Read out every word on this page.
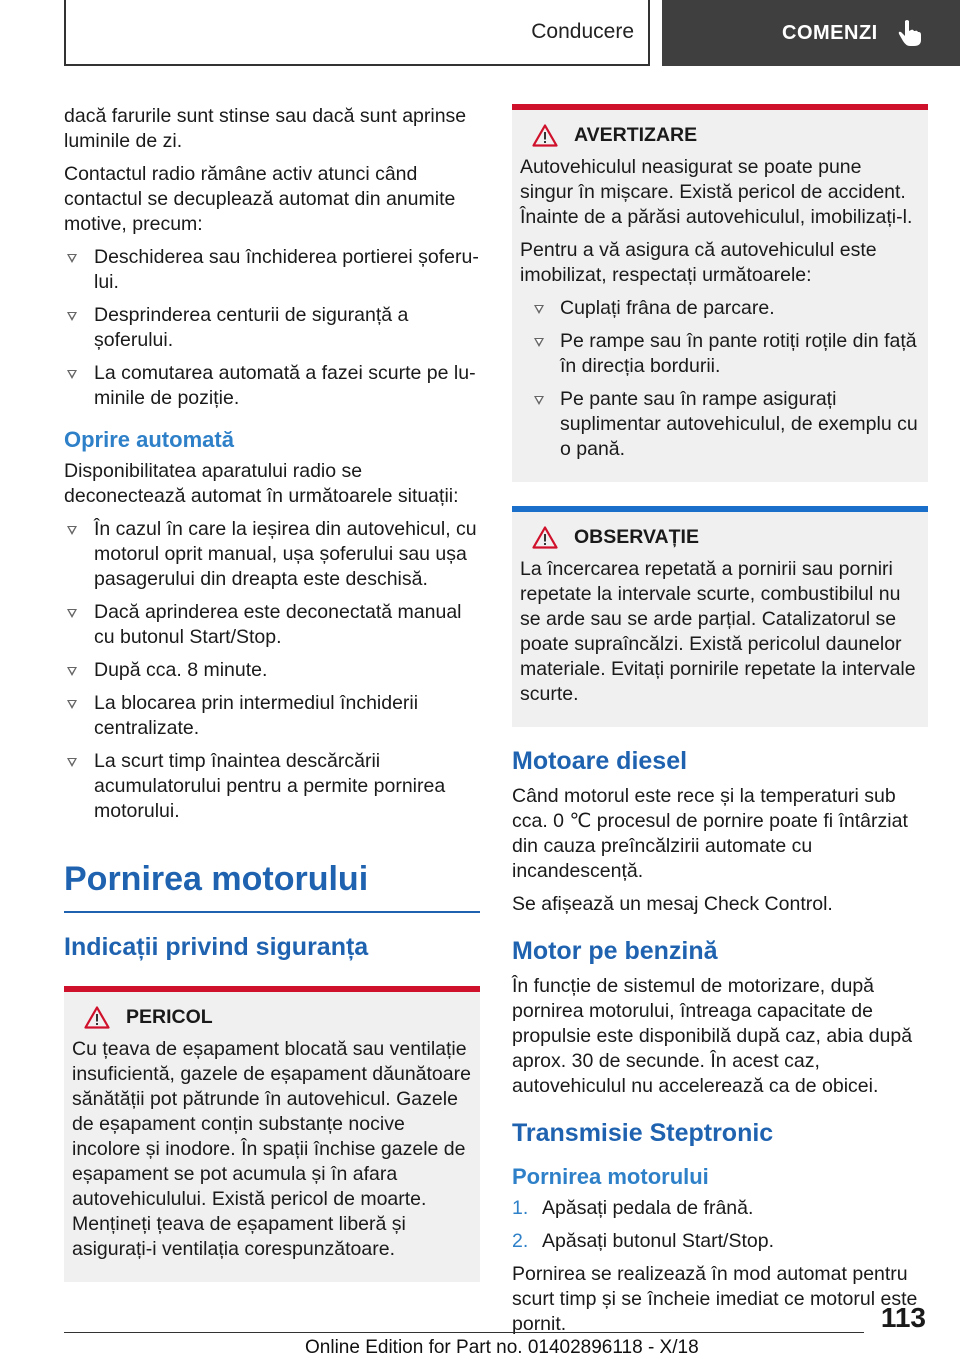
Conducere	COMENZI

dacă farurile sunt stinse sau dacă sunt aprinse luminile de zi.

Contactul radio rămâne activ atunci când contactul se decuplează automat din anumite motive, precum:

Deschiderea sau închiderea portierei șoferului.
Desprinderea centurii de siguranță a șoferului.
La comutarea automată a fazei scurte pe luminile de poziție.
Oprire automată

Disponibilitatea aparatului radio se deconectează automat în următoarele situații:

În cazul în care la ieșirea din autovehicul, cu motorul oprit manual, ușa șoferului sau ușa pasagerului din dreapta este deschisă.
Dacă aprinderea este deconectată manual cu butonul Start/Stop.
După cca. 8 minute.
La blocarea prin intermediul închiderii centralizate.
La scurt timp înaintea descărcării acumulatorului pentru a permite pornirea motorului.
Pornirea motorului
Indicații privind siguranța
PERICOL

Cu țeava de eșapament blocată sau ventilație insuficientă, gazele de eșapament dăunătoare sănătății pot pătrunde în autovehicul. Gazele de eșapament conțin substanțe nocive incolore și inodore. În spații închise gazele de eșapament se pot acumula și în afara autovehiculului. Există pericol de moarte. Mențineți țeava de eșapament liberă și asigurați-i ventilația corespunzătoare.

AVERTIZARE

Autovehiculul neasigurat se poate pune singur în mișcare. Există pericol de accident. Înainte de a părăsi autovehiculul, imobilizați-l.

Pentru a vă asigura că autovehiculul este imobilizat, respectați următoarele:

Cuplați frâna de parcare.
Pe rampe sau în pante rotiți roțile din față în direcția bordurii.
Pe pante sau în rampe asigurați suplimentar autovehiculul, de exemplu cu o pană.
OBSERVAȚIE

La încercarea repetată a pornirii sau porniri repetate la intervale scurte, combustibilul nu se arde sau se arde parțial. Catalizatorul se poate supraîncălzi. Există pericolul daunelor materiale. Evitați pornirile repetate la intervale scurte.

Motoare diesel

Când motorul este rece și la temperaturi sub cca. 0 ℃ procesul de pornire poate fi întârziat din cauza preîncălzirii automate cu incandescență.

Se afișează un mesaj Check Control.

Motor pe benzină

În funcție de sistemul de motorizare, după pornirea motorului, întreaga capacitate de propulsie este disponibilă după caz, abia după aprox. 30 de secunde. În acest caz, autovehiculul nu accelerează ca de obicei.

Transmisie Steptronic
Pornirea motorului
1. Apăsați pedala de frână.
2. Apăsați butonul Start/Stop.

Pornirea se realizează în mod automat pentru scurt timp și se încheie imediat ce motorul este pornit.	113
Online Edition for Part no. 01402896118 - X/18
